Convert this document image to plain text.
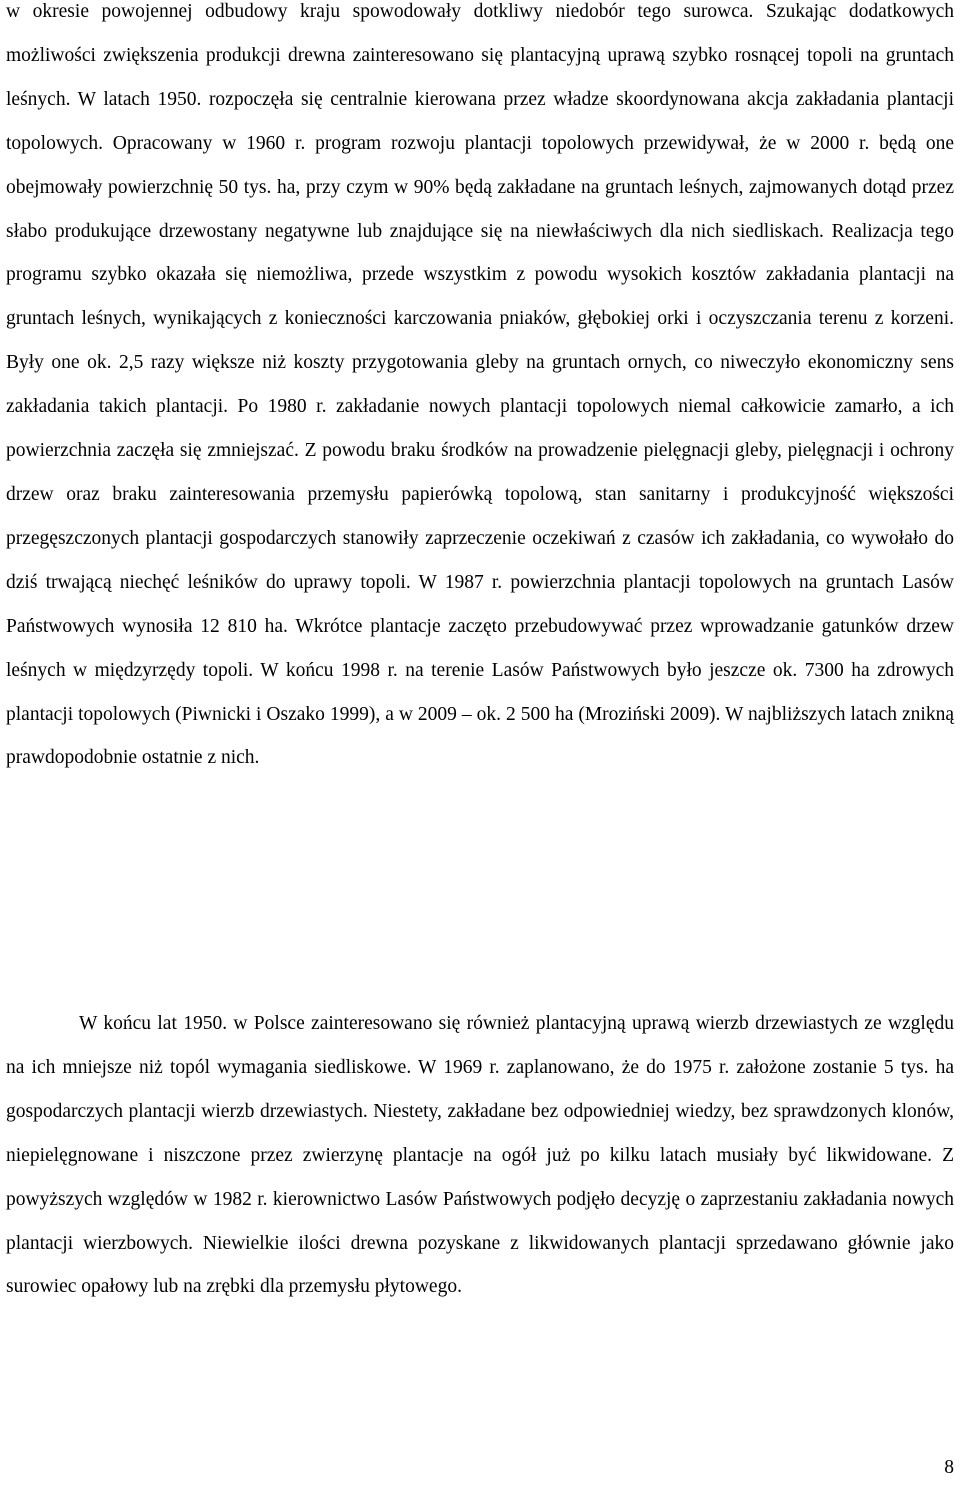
w okresie powojennej odbudowy kraju spowodowały dotkliwy niedobór tego surowca. Szukając dodatkowych możliwości zwiększenia produkcji drewna zainteresowano się plantacyjną uprawą szybko rosnącej topoli na gruntach leśnych. W latach 1950. rozpoczęła się centralnie kierowana przez władze skoordynowana akcja zakładania plantacji topolowych. Opracowany w 1960 r. program rozwoju plantacji topolowych przewidywał, że w 2000 r. będą one obejmowały powierzchnię 50 tys. ha, przy czym w 90% będą zakładane na gruntach leśnych, zajmowanych dotąd przez słabo produkujące drzewostany negatywne lub znajdujące się na niewłaściwych dla nich siedliskach. Realizacja tego programu szybko okazała się niemożliwa, przede wszystkim z powodu wysokich kosztów zakładania plantacji na gruntach leśnych, wynikających z konieczności karczowania pniaków, głębokiej orki i oczyszczania terenu z korzeni. Były one ok. 2,5 razy większe niż koszty przygotowania gleby na gruntach ornych, co niweczyło ekonomiczny sens zakładania takich plantacji. Po 1980 r. zakładanie nowych plantacji topolowych niemal całkowicie zamarło, a ich powierzchnia zaczęła się zmniejszać. Z powodu braku środków na prowadzenie pielęgnacji gleby, pielęgnacji i ochrony drzew oraz braku zainteresowania przemysłu papierówką topolową, stan sanitarny i produkcyjność większości przegęszczonych plantacji gospodarczych stanowiły zaprzeczenie oczekiwań z czasów ich zakładania, co wywołało do dziś trwającą niechęć leśników do uprawy topoli. W 1987 r. powierzchnia plantacji topolowych na gruntach Lasów Państwowych wynosiła 12 810 ha. Wkrótce plantacje zaczęto przebudowywać przez wprowadzanie gatunków drzew leśnych w międzyrzędy topoli. W końcu 1998 r. na terenie Lasów Państwowych było jeszcze ok. 7300 ha zdrowych plantacji topolowych (Piwnicki i Oszako 1999), a w 2009 – ok. 2 500 ha (Mroziński 2009). W najbliższych latach znikną prawdopodobnie ostatnie z nich.

W końcu lat 1950. w Polsce zainteresowano się również plantacyjną uprawą wierzb drzewiastych ze względu na ich mniejsze niż topól wymagania siedliskowe. W 1969 r. zaplanowano, że do 1975 r. założone zostanie 5 tys. ha gospodarczych plantacji wierzb drzewiastych. Niestety, zakładane bez odpowiedniej wiedzy, bez sprawdzonych klonów, niepielęgnowane i niszczone przez zwierzynę plantacje na ogół już po kilku latach musiały być likwidowane. Z powyższych względów w 1982 r. kierownictwo Lasów Państwowych podjęło decyzję o zaprzestaniu zakładania nowych plantacji wierzbowych. Niewielkie ilości drewna pozyskane z likwidowanych plantacji sprzedawano głównie jako surowiec opałowy lub na zrębki dla przemysłu płytowego.

8
